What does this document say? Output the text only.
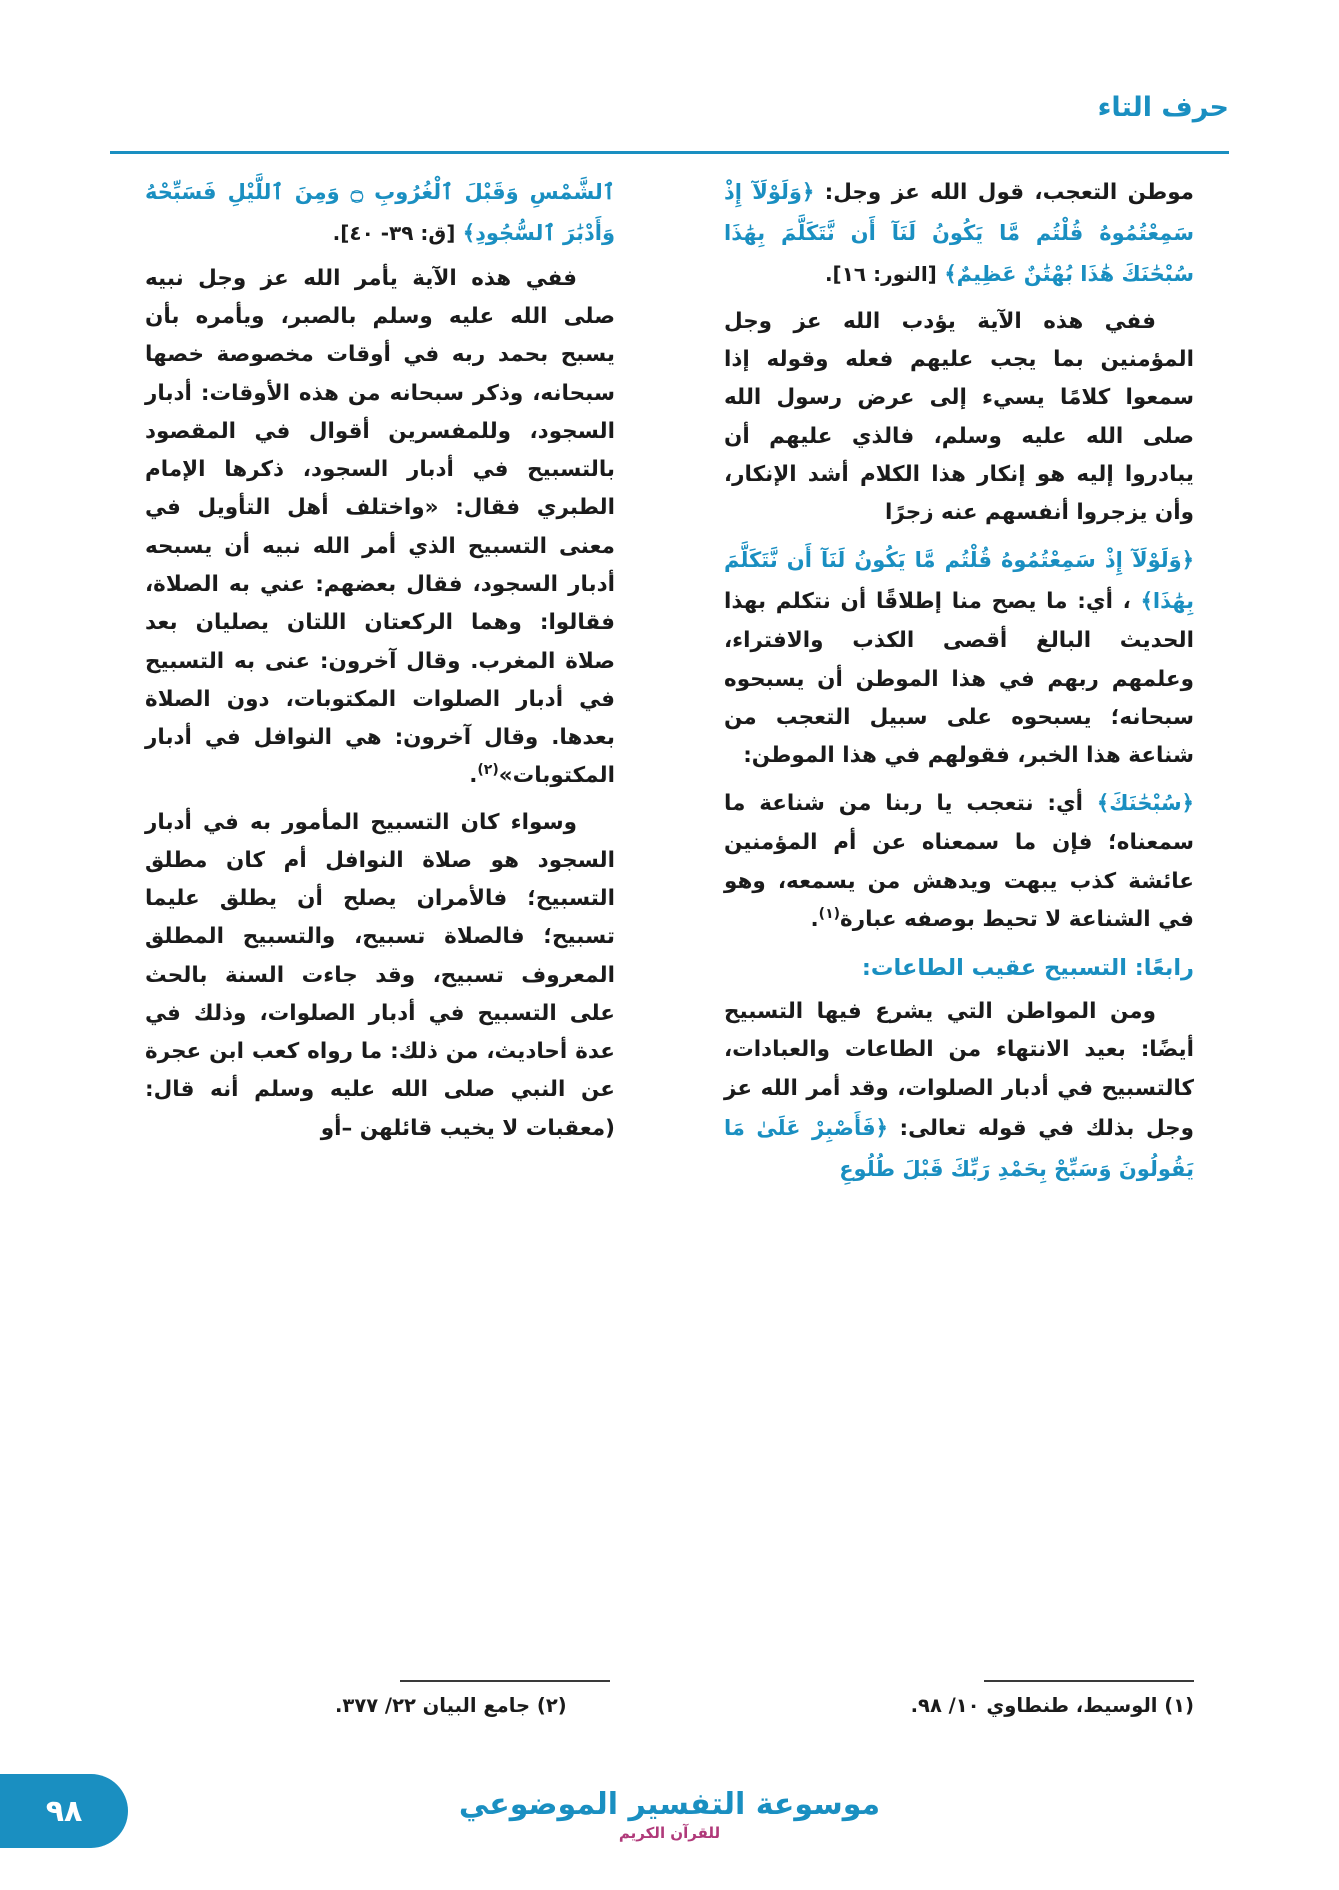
حرف التاء

موطن التعجب، قول الله عز وجل: ﴿وَلَوْلَآ إِذْ سَمِعْتُمُوهُ قُلْتُم مَّا يَكُونُ لَنَآ أَن نَّتَكَلَّمَ بِهَٰذَا سُبْحَٰنَكَ هَٰذَا بُهْتَٰنٌ عَظِيمٌ﴾ [النور: ١٦].

ففي هذه الآية يؤدب الله عز وجل المؤمنين بما يجب عليهم فعله وقوله إذا سمعوا كلامًا يسيء إلى عرض رسول الله صلى الله عليه وسلم، فالذي عليهم أن يبادروا إليه هو إنكار هذا الكلام أشد الإنكار، وأن يزجروا أنفسهم عنه زجرًا

﴿وَلَوْلَآ إِذْ سَمِعْتُمُوهُ قُلْتُم مَّا يَكُونُ لَنَآ أَن نَّتَكَلَّمَ بِهَٰذَا﴾ ، أي: ما يصح منا إطلاقًا أن نتكلم بهذا الحديث البالغ أقصى الكذب والافتراء، وعلمهم ربهم في هذا الموطن أن يسبحوه سبحانه؛ يسبحوه على سبيل التعجب من شناعة هذا الخبر، فقولهم في هذا الموطن:

﴿سُبْحَٰنَكَ﴾ أي: نتعجب يا ربنا من شناعة ما سمعناه؛ فإن ما سمعناه عن أم المؤمنين عائشة كذب يبهت ويدهش من يسمعه، وهو في الشناعة لا تحيط بوصفه عبارة$^{(١)}$.

رابعًا: التسبيح عقيب الطاعات:

ومن المواطن التي يشرع فيها التسبيح أيضًا: بعيد الانتهاء من الطاعات والعبادات، كالتسبيح في أدبار الصلوات، وقد أمر الله عز وجل بذلك في قوله تعالى: ﴿فَأَصْبِرْ عَلَىٰ مَا يَقُولُونَ وَسَبِّحْ بِحَمْدِ رَبِّكَ قَبْلَ طُلُوعِ

ٱلشَّمْسِ وَقَبْلَ ٱلْغُرُوبِ ۝ وَمِنَ ٱللَّيْلِ فَسَبِّحْهُ وَأَدْبَٰرَ ٱلسُّجُودِ﴾ [ق: ٣٩- ٤٠].

ففي هذه الآية يأمر الله عز وجل نبيه صلى الله عليه وسلم بالصبر، ويأمره بأن يسبح بحمد ربه في أوقات مخصوصة خصها سبحانه، وذكر سبحانه من هذه الأوقات: أدبار السجود، وللمفسرين أقوال في المقصود بالتسبيح في أدبار السجود، ذكرها الإمام الطبري فقال: «واختلف أهل التأويل في معنى التسبيح الذي أمر الله نبيه أن يسبحه أدبار السجود، فقال بعضهم: عني به الصلاة، فقالوا: وهما الركعتان اللتان يصليان بعد صلاة المغرب. وقال آخرون: عنى به التسبيح في أدبار الصلوات المكتوبات، دون الصلاة بعدها. وقال آخرون: هي النوافل في أدبار المكتوبات»$^{(٢)}$.

وسواء كان التسبيح المأمور به في أدبار السجود هو صلاة النوافل أم كان مطلق التسبيح؛ فالأمران يصلح أن يطلق عليما تسبيح؛ فالصلاة تسبيح، والتسبيح المطلق المعروف تسبيح، وقد جاءت السنة بالحث على التسبيح في أدبار الصلوات، وذلك في عدة أحاديث، من ذلك: ما رواه كعب ابن عجرة عن النبي صلى الله عليه وسلم أنه قال: (معقبات لا يخيب قائلهن –أو

(١) الوسيط، طنطاوي ١٠/ ٩٨.
(٢) جامع البيان ٢٢/ ٣٧٧.
موسوعة التفسير الموضوعي
للقرآن الكريم
٩٨
